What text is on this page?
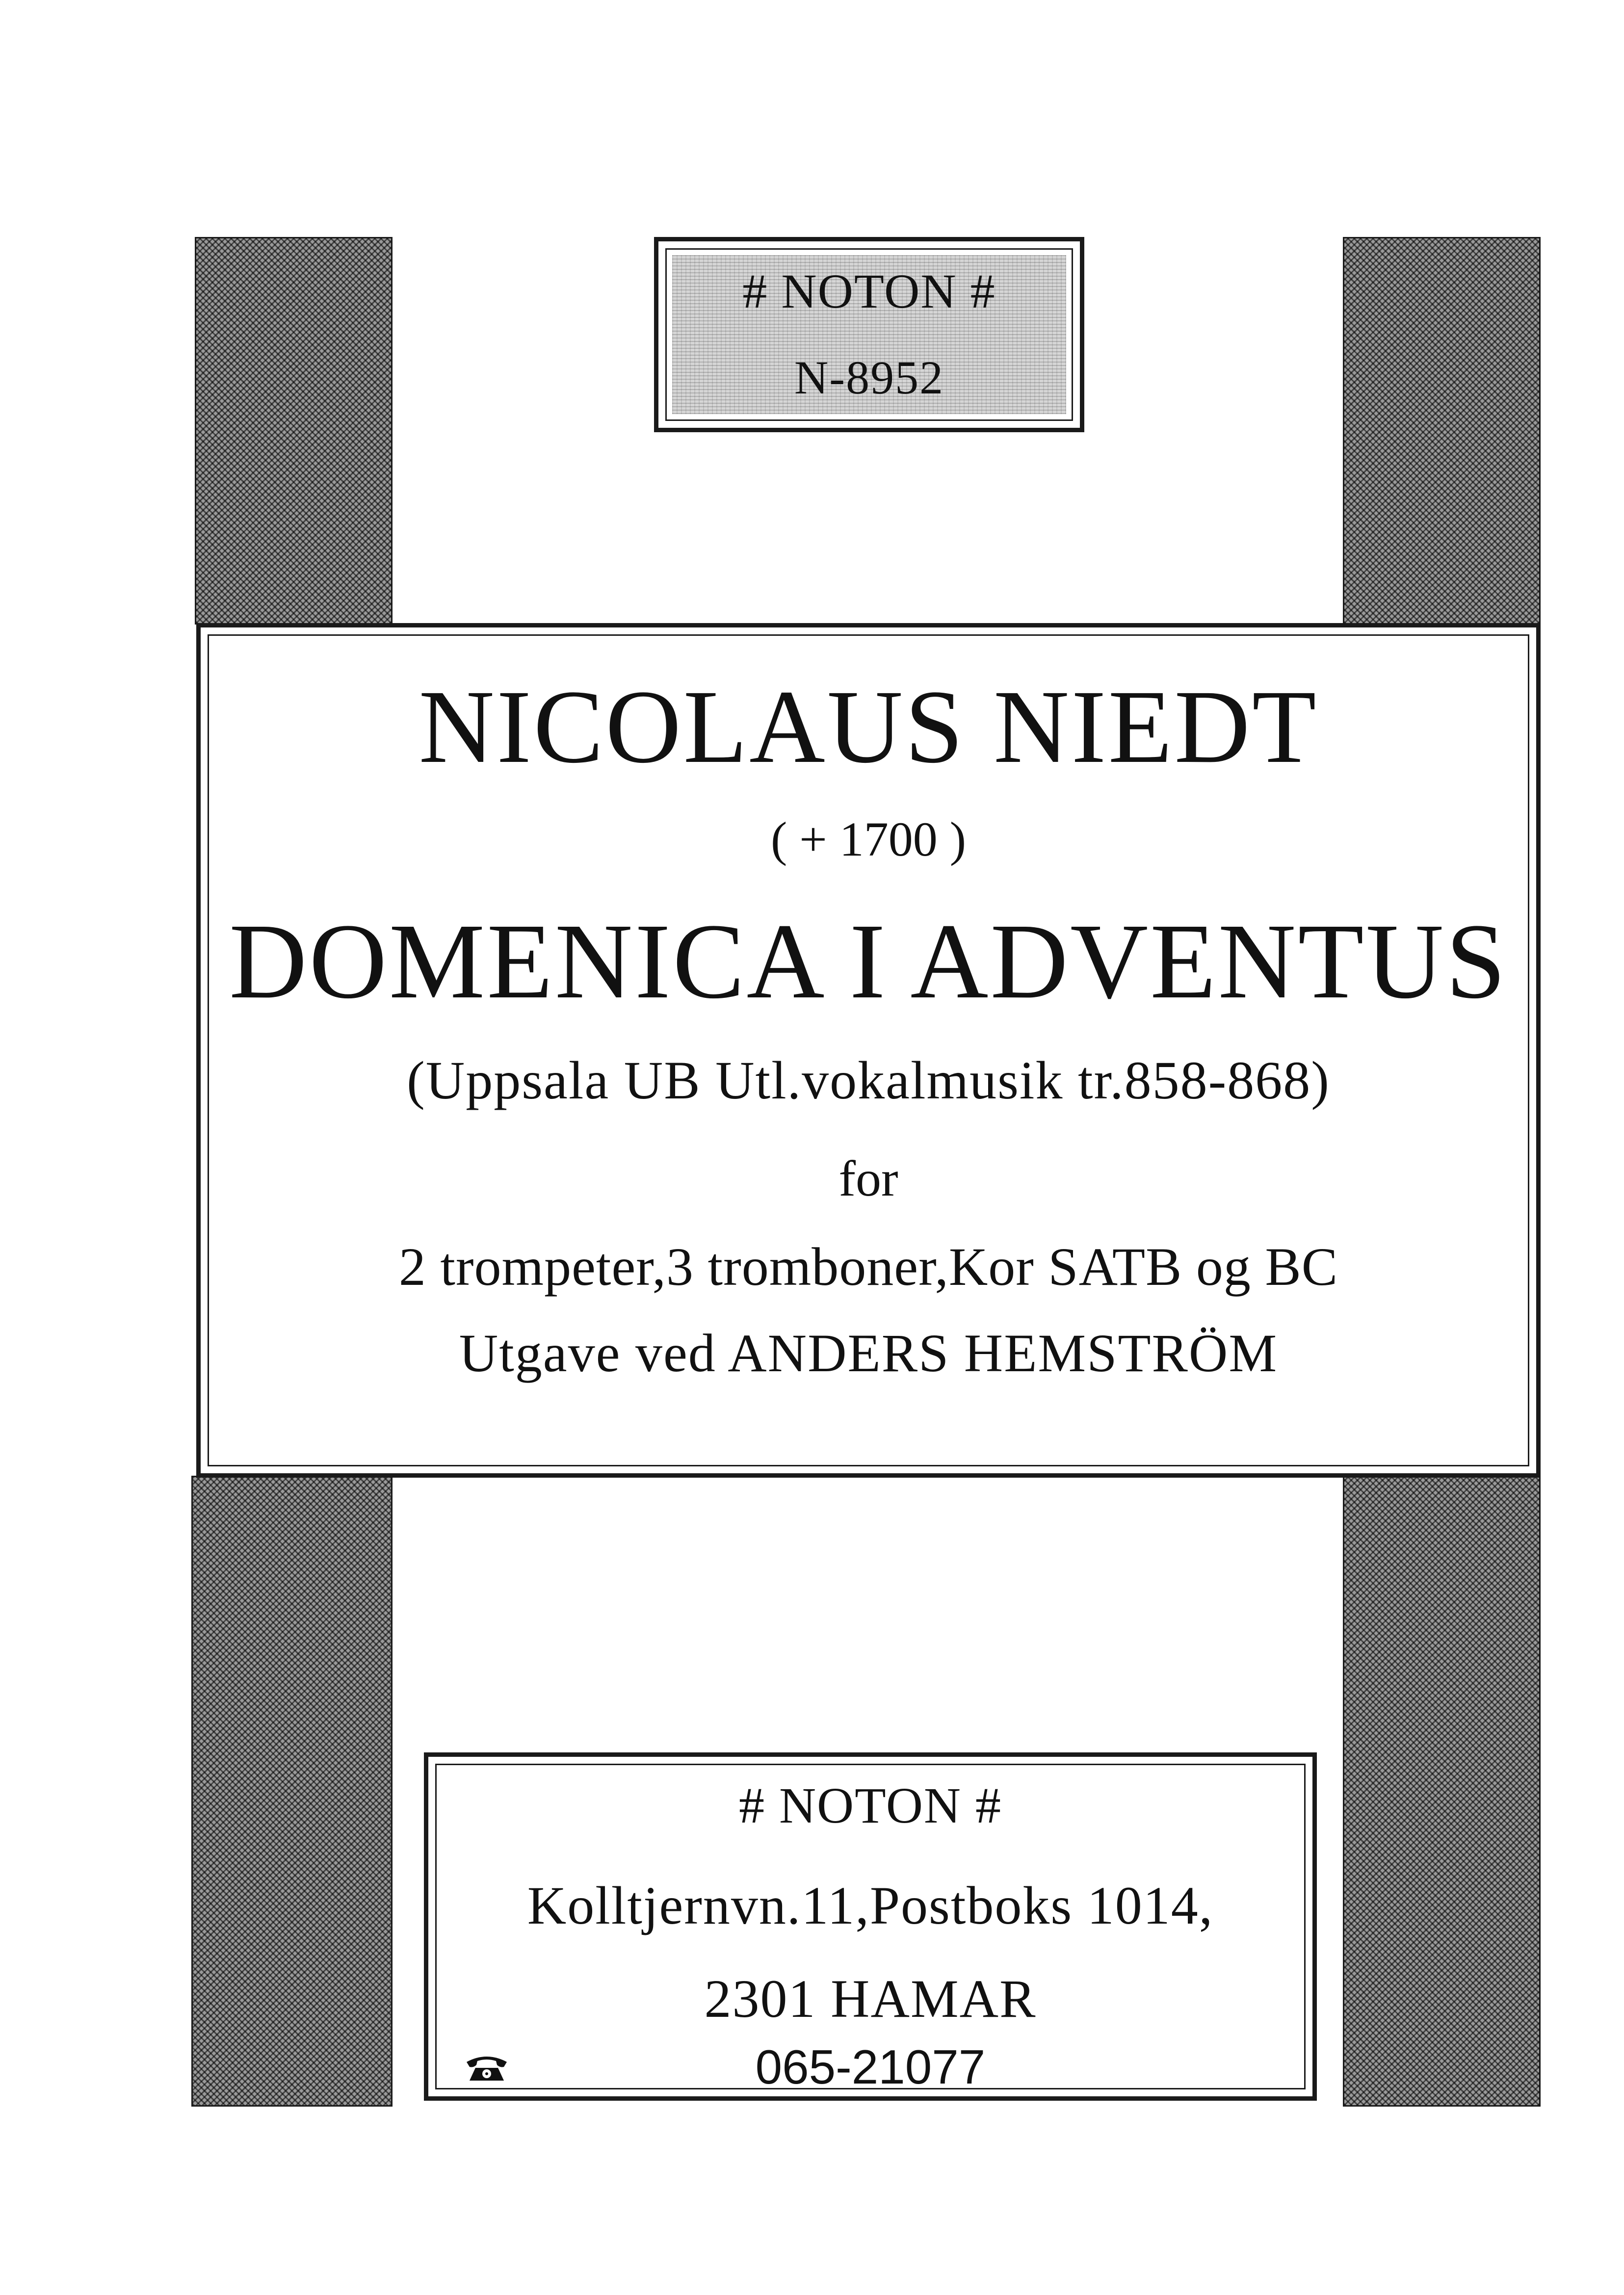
# NOTON #
N-8952
NICOLAUS NIEDT
( + 1700 )
DOMENICA I ADVENTUS
(Uppsala UB Utl.vokalmusik tr.858-868)
for
2 trompeter,3 tromboner,Kor SATB og BC
Utgave ved ANDERS HEMSTRÖM
# NOTON #
Kolltjernvn.11,Postboks 1014,
2301 HAMAR
065-21077
